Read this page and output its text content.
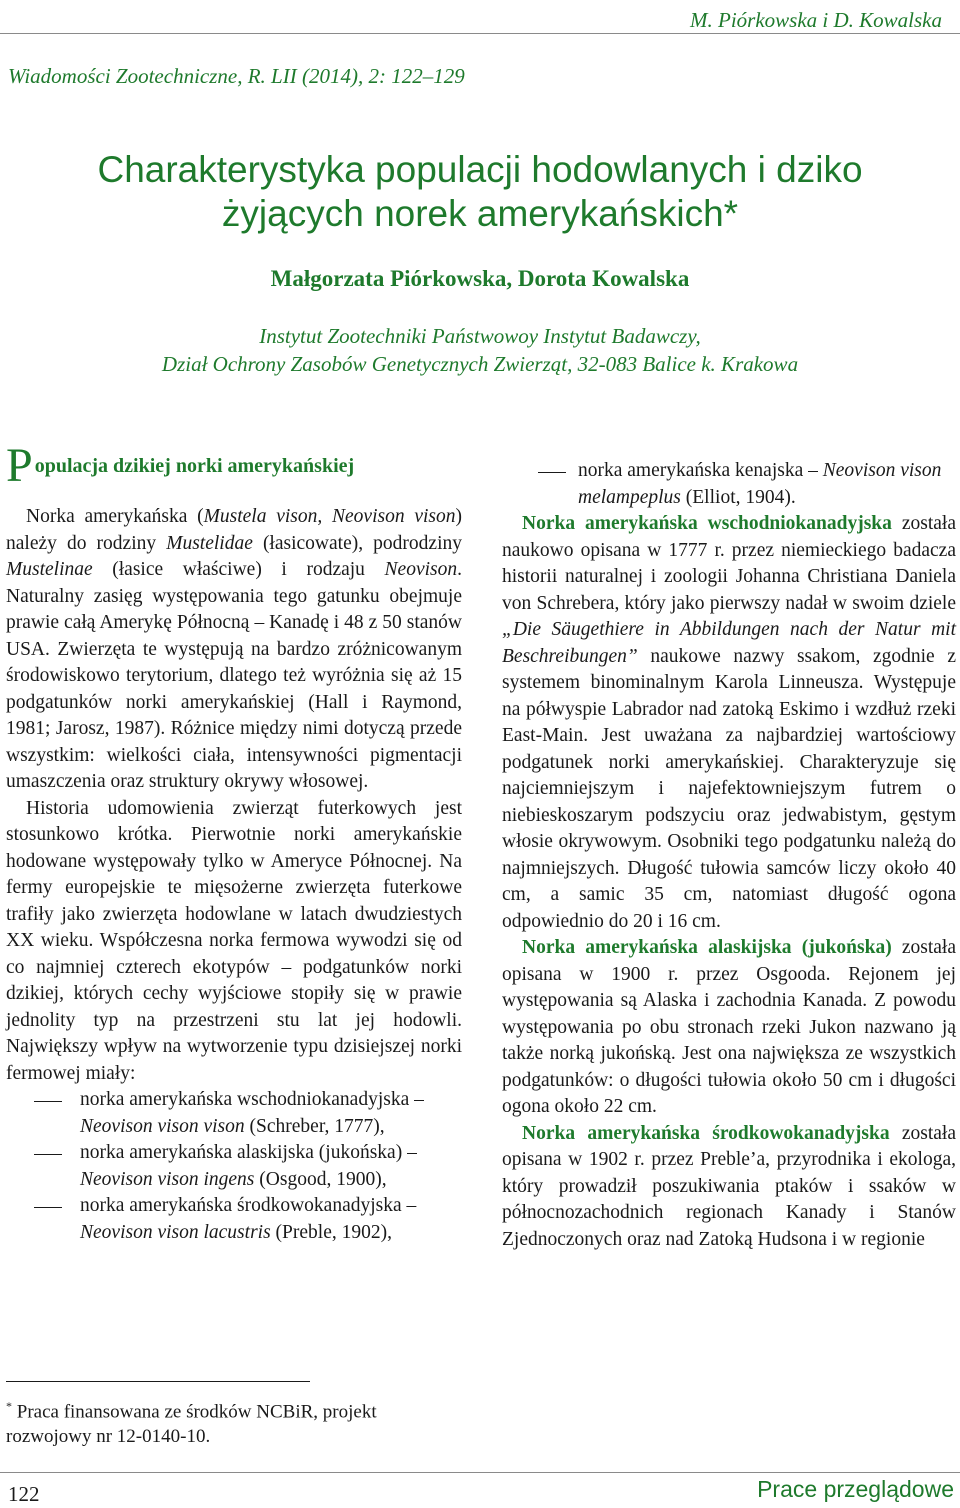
M. Piórkowska i D. Kowalska
Wiadomości Zootechniczne, R. LII (2014), 2: 122–129
Charakterystyka populacji hodowlanych i dziko
żyjących norek amerykańskich*
Małgorzata Piórkowska, Dorota Kowalska
Instytut Zootechniki Państwowoy Instytut Badawczy,
Dział Ochrony Zasobów Genetycznych Zwierząt, 32-083 Balice k. Krakowa
Populacja dzikiej norki amerykańskiej

Norka amerykańska (Mustela vison, Neovison vison) należy do rodziny Mustelidae (łasicowate), podrodziny Mustelinae (łasice właściwe) i rodzaju Neovison. Naturalny zasięg występowania tego gatunku obejmuje prawie całą Amerykę Północną ‒ Kanadę i 48 z 50 stanów USA. Zwierzęta te występują na bardzo zróżnicowanym środowiskowo terytorium, dlatego też wyróżnia się aż 15 podgatunków norki amerykańskiej (Hall i Raymond, 1981; Jarosz, 1987). Różnice między nimi dotyczą przede wszystkim: wielkości ciała, intensywności pigmentacji umaszczenia oraz struktury okrywy włosowej.

Historia udomowienia zwierząt futerkowych jest stosunkowo krótka. Pierwotnie norki amerykańskie hodowane występowały tylko w Ameryce Północnej. Na fermy europejskie te mięsożerne zwierzęta futerkowe trafiły jako zwierzęta hodowlane w latach dwudziestych XX wieku. Współczesna norka fermowa wywodzi się od co najmniej czterech ekotypów ‒ podgatunków norki dzikiej, których cechy wyjściowe stopiły się w prawie jednolity typ na przestrzeni stu lat jej hodowli. Największy wpływ na wytworzenie typu dzisiejszej norki fermowej miały:

norka amerykańska wschodniokanadyjska ‒ Neovison vison vison (Schreber, 1777),
norka amerykańska alaskijska (jukońska) ‒ Neovison vison ingens (Osgood, 1900),
norka amerykańska środkowokanadyjska ‒ Neovison vison lacustris (Preble, 1902),
norka amerykańska kenajska ‒ Neovison vison melampeplus (Elliot, 1904).

Norka amerykańska wschodniokanadyjska została naukowo opisana w 1777 r. przez niemieckiego badacza historii naturalnej i zoologii Johanna Christiana Daniela von Schrebera, który jako pierwszy nadał w swoim dziele „Die Säugethiere in Abbildungen nach der Natur mit Beschreibungen” naukowe nazwy ssakom, zgodnie z systemem binominalnym Karola Linneusza. Występuje na półwyspie Labrador nad zatoką Eskimo i wzdłuż rzeki East-Main. Jest uważana za najbardziej wartościowy podgatunek norki amerykańskiej. Charakteryzuje się najciemniejszym i najefektowniejszym futrem o niebieskoszarym podszyciu oraz jedwabistym, gęstym włosie okrywowym. Osobniki tego podgatunku należą do najmniejszych. Długość tułowia samców liczy około 40 cm, a samic 35 cm, natomiast długość ogona odpowiednio do 20 i 16 cm.

Norka amerykańska alaskijska (jukońska) została opisana w 1900 r. przez Osgooda. Rejonem jej występowania są Alaska i zachodnia Kanada. Z powodu występowania po obu stronach rzeki Jukon nazwano ją także norką jukońską. Jest ona największa ze wszystkich podgatunków: o długości tułowia około 50 cm i długości ogona około 22 cm.

Norka amerykańska środkowokanadyjska została opisana w 1902 r. przez Preble’a, przyrodnika i ekologa, który prowadził poszukiwania ptaków i ssaków w północnozachodnich regionach Kanady i Stanów Zjednoczonych oraz nad Zatoką Hudsona i w regionie

* Praca finansowana ze środków NCBiR, projekt rozwojowy nr 12-0140-10.
122	Prace przeglądowe
